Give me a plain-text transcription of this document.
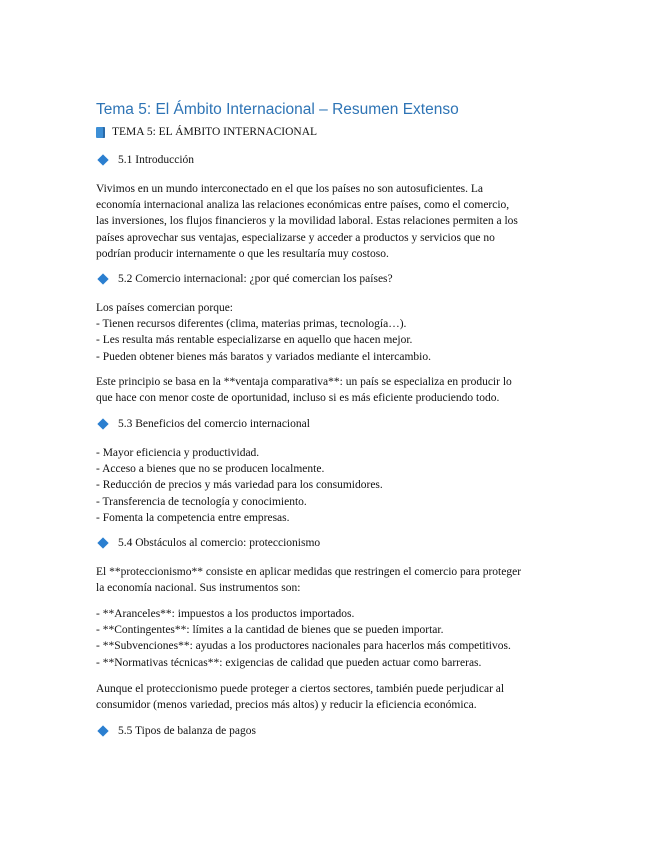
Tema 5: El Ámbito Internacional – Resumen Extenso
TEMA 5: EL ÁMBITO INTERNACIONAL
5.1 Introducción
Vivimos en un mundo interconectado en el que los países no son autosuficientes. La
economía internacional analiza las relaciones económicas entre países, como el comercio,
las inversiones, los flujos financieros y la movilidad laboral. Estas relaciones permiten a los
países aprovechar sus ventajas, especializarse y acceder a productos y servicios que no
podrían producir internamente o que les resultaría muy costoso.
5.2 Comercio internacional: ¿por qué comercian los países?
Los países comercian porque:
- Tienen recursos diferentes (clima, materias primas, tecnología…).
- Les resulta más rentable especializarse en aquello que hacen mejor.
- Pueden obtener bienes más baratos y variados mediante el intercambio.
Este principio se basa en la **ventaja comparativa**: un país se especializa en producir lo
que hace con menor coste de oportunidad, incluso si es más eficiente produciendo todo.
5.3 Beneficios del comercio internacional
- Mayor eficiencia y productividad.
- Acceso a bienes que no se producen localmente.
- Reducción de precios y más variedad para los consumidores.
- Transferencia de tecnología y conocimiento.
- Fomenta la competencia entre empresas.
5.4 Obstáculos al comercio: proteccionismo
El **proteccionismo** consiste en aplicar medidas que restringen el comercio para proteger
la economía nacional. Sus instrumentos son:
- **Aranceles**: impuestos a los productos importados.
- **Contingentes**: límites a la cantidad de bienes que se pueden importar.
- **Subvenciones**: ayudas a los productores nacionales para hacerlos más competitivos.
- **Normativas técnicas**: exigencias de calidad que pueden actuar como barreras.
Aunque el proteccionismo puede proteger a ciertos sectores, también puede perjudicar al
consumidor (menos variedad, precios más altos) y reducir la eficiencia económica.
5.5 Tipos de balanza de pagos
